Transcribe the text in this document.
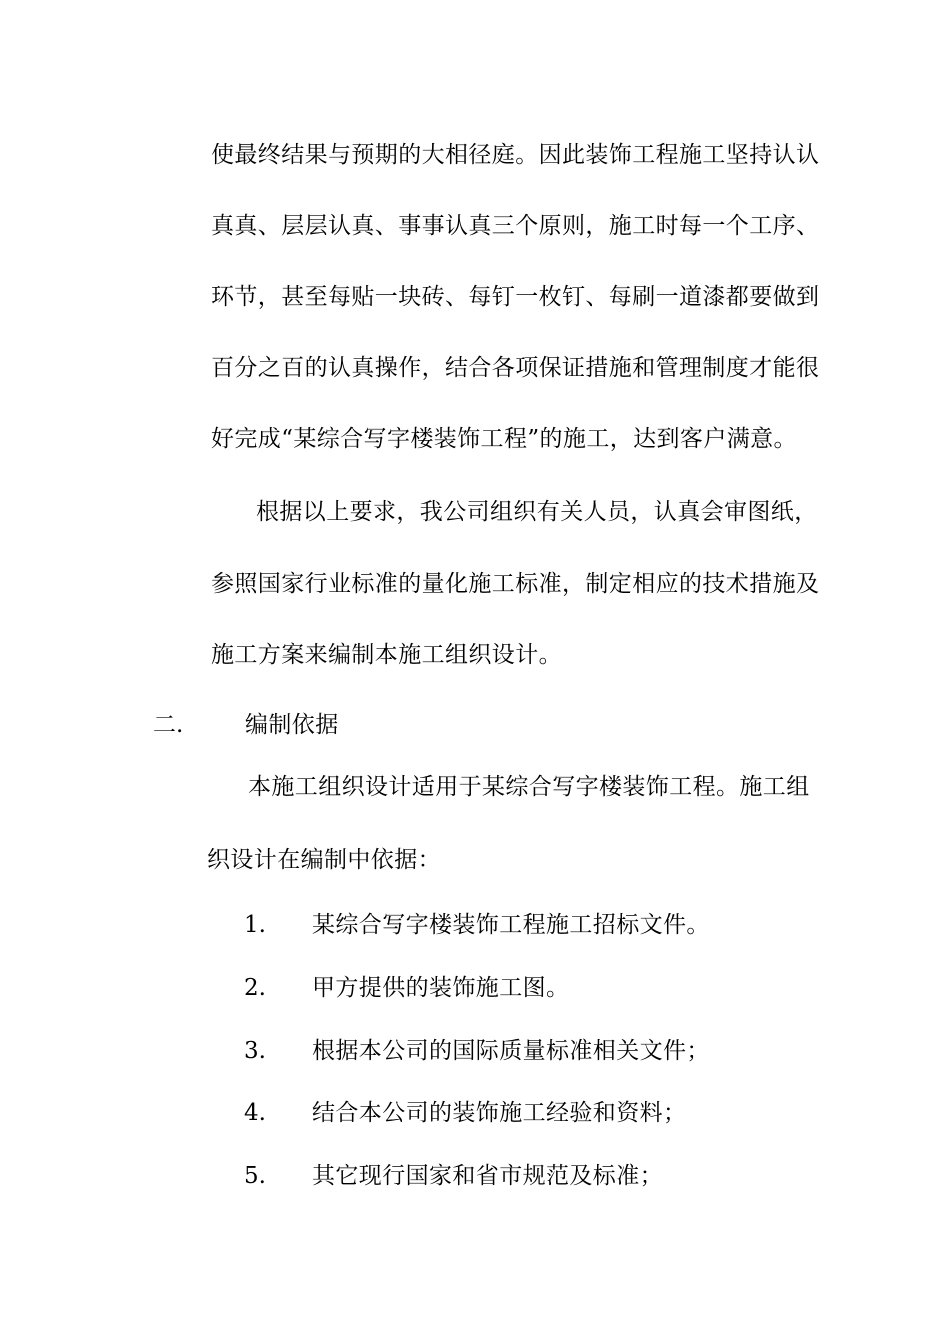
使最终结果与预期的大相径庭。因此装饰工程施工坚持认认

真真、层层认真、事事认真三个原则，施工时每一个工序、

环节，甚至每贴一块砖、每钉一枚钉、每刷一道漆都要做到

百分之百的认真操作，结合各项保证措施和管理制度才能很

好完成“某综合写字楼装饰工程”的施工，达到客户满意。

根据以上要求，我公司组织有关人员，认真会审图纸，

参照国家行业标准的量化施工标准，制定相应的技术措施及

施工方案来编制本施工组织设计。

二.	编制依据

本施工组织设计适用于某综合写字楼装饰工程。施工组

织设计在编制中依据：

1. 某综合写字楼装饰工程施工招标文件。

2. 甲方提供的装饰施工图。

3. 根据本公司的国际质量标准相关文件；

4. 结合本公司的装饰施工经验和资料；

5. 其它现行国家和省市规范及标准；
